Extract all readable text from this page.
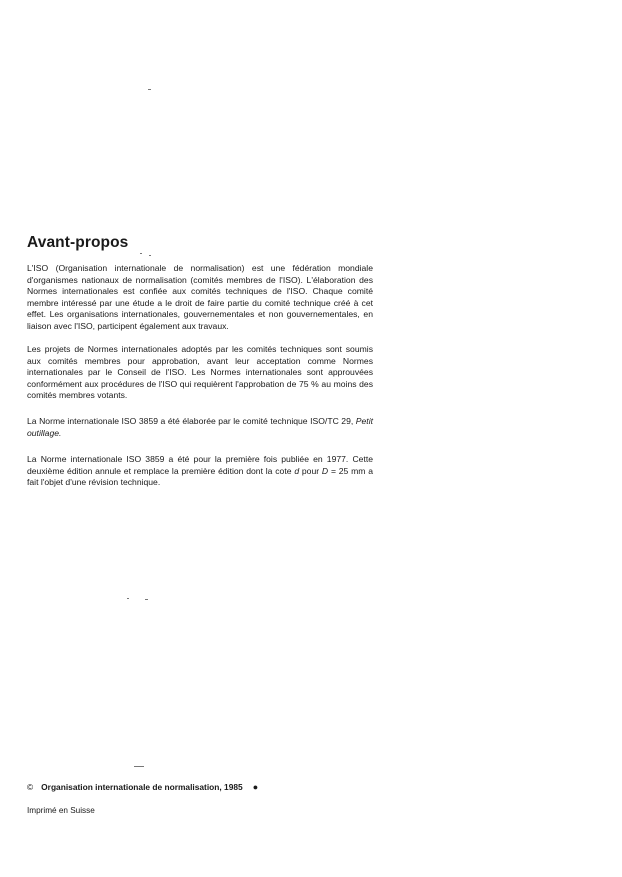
Avant-propos

L'ISO (Organisation internationale de normalisation) est une fédération mondiale d'organismes nationaux de normalisation (comités membres de l'ISO). L'élaboration des Normes internationales est confiée aux comités techniques de l'ISO. Chaque comité membre intéressé par une étude a le droit de faire partie du comité technique créé à cet effet. Les organisations internationales, gouvernementales et non gouvernementales, en liaison avec l'ISO, participent également aux travaux.

Les projets de Normes internationales adoptés par les comités techniques sont soumis aux comités membres pour approbation, avant leur acceptation comme Normes internationales par le Conseil de l'ISO. Les Normes internationales sont approuvées conformément aux procédures de l'ISO qui requièrent l'approbation de 75 % au moins des comités membres votants.

La Norme internationale ISO 3859 a été élaborée par le comité technique ISO/TC 29, Petit outillage.

La Norme internationale ISO 3859 a été pour la première fois publiée en 1977. Cette deuxième édition annule et remplace la première édition dont la cote d pour D = 25 mm a fait l'objet d'une révision technique.

© Organisation internationale de normalisation, 1985 ●
Imprimé en Suisse
